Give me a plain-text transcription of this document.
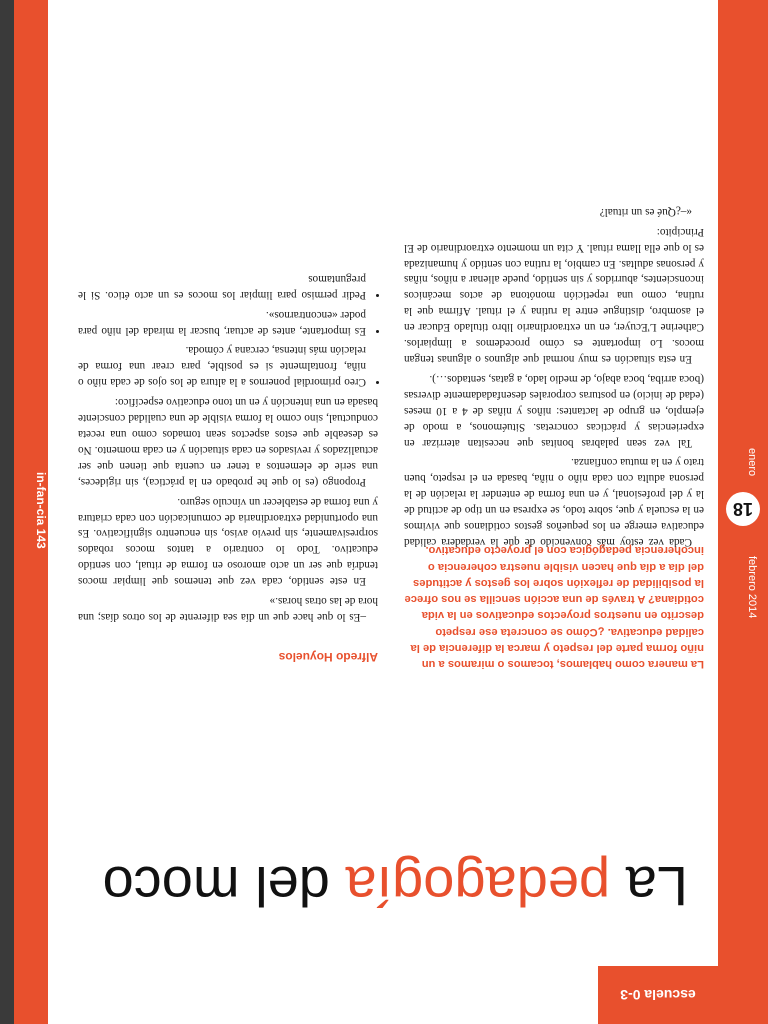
escuela 0-3
La pedagogía del moco
La manera como hablamos, tocamos o miramos a un niño forma parte del respeto y marca la diferencia de la calidad educativa. ¿Cómo se concreta ese respeto descrito en nuestros proyectos educativos en la vida cotidiana? A través de una acción sencilla se nos ofrece la posibilidad de reflexión sobre los gestos y actitudes del día a día que hacen visible nuestra coherencia o incoherencia pedagógica con el proyecto educativo.

Cada vez estoy más convencido de que la verdadera calidad educativa emerge en los pequeños gestos cotidianos que vivimos en la escuela y que, sobre todo, se expresa en un tipo de actitud de la y del profesional, y en una forma de entender la relación de la persona adulta con cada niño o niña, basada en el respeto, buen trato y en la mutua confianza.

Tal vez sean palabras bonitas que necesitan aterrizar en experiencias y prácticas concretas. Situémonos, a modo de ejemplo, en grupo de lactantes: niños y niñas de 4 a 10 meses (edad de inicio) en posturas corporales desenfadadamente diversas (boca arriba, boca abajo, de medio lado, a gatas, sentados…).

En esta situación es muy normal que algunos o algunas tengan mocos. Lo importante es cómo procedemos a limpiarlos. Catherine L'Ecuyer, en un extraordinario libro titulado Educar en el asombro, distingue entre la rutina y el ritual. Afirma que la rutina, como una repetición monótona de actos mecánicos inconscientes, aburridos y sin sentido, puede alienar a niños, niñas y personas adultas. En cambio, la rutina con sentido y humanizada es lo que ella llama ritual. Y cita un momento extraordinario de El Principito:

«–¿Qué es un ritual?

Alfredo Hoyuelos

–Es lo que hace que un día sea diferente de los otros días; una hora de las otras horas.»

En este sentido, cada vez que tenemos que limpiar mocos tendría que ser un acto amoroso en forma de ritual, con sentido educativo. Todo lo contrario a tantos mocos robados sorpresivamente, sin previo aviso, sin encuentro significativo. Es una oportunidad extraordinaria de comunicación con cada criatura y una forma de establecer un vínculo seguro.

Propongo (es lo que he probado en la práctica), sin rigideces, una serie de elementos a tener en cuenta que tienen que ser actualizados y revisados en cada situación y en cada momento. No es deseable que estos aspectos sean tomados como una receta conductual, sino como la forma visible de una cualidad consciente basada en una intención y en un tono educativo específico:

• Creo primordial ponernos a la altura de los ojos de cada niño o niña, frontalmente si es posible, para crear una forma de relación más intensa, cercana y cómoda.
• Es importante, antes de actuar, buscar la mirada del niño para poder «encontrarnos».
• Pedir permiso para limpiar los mocos es un acto ético. Si le preguntamos
18
enero
febrero 2014
in-fan-cia 143
